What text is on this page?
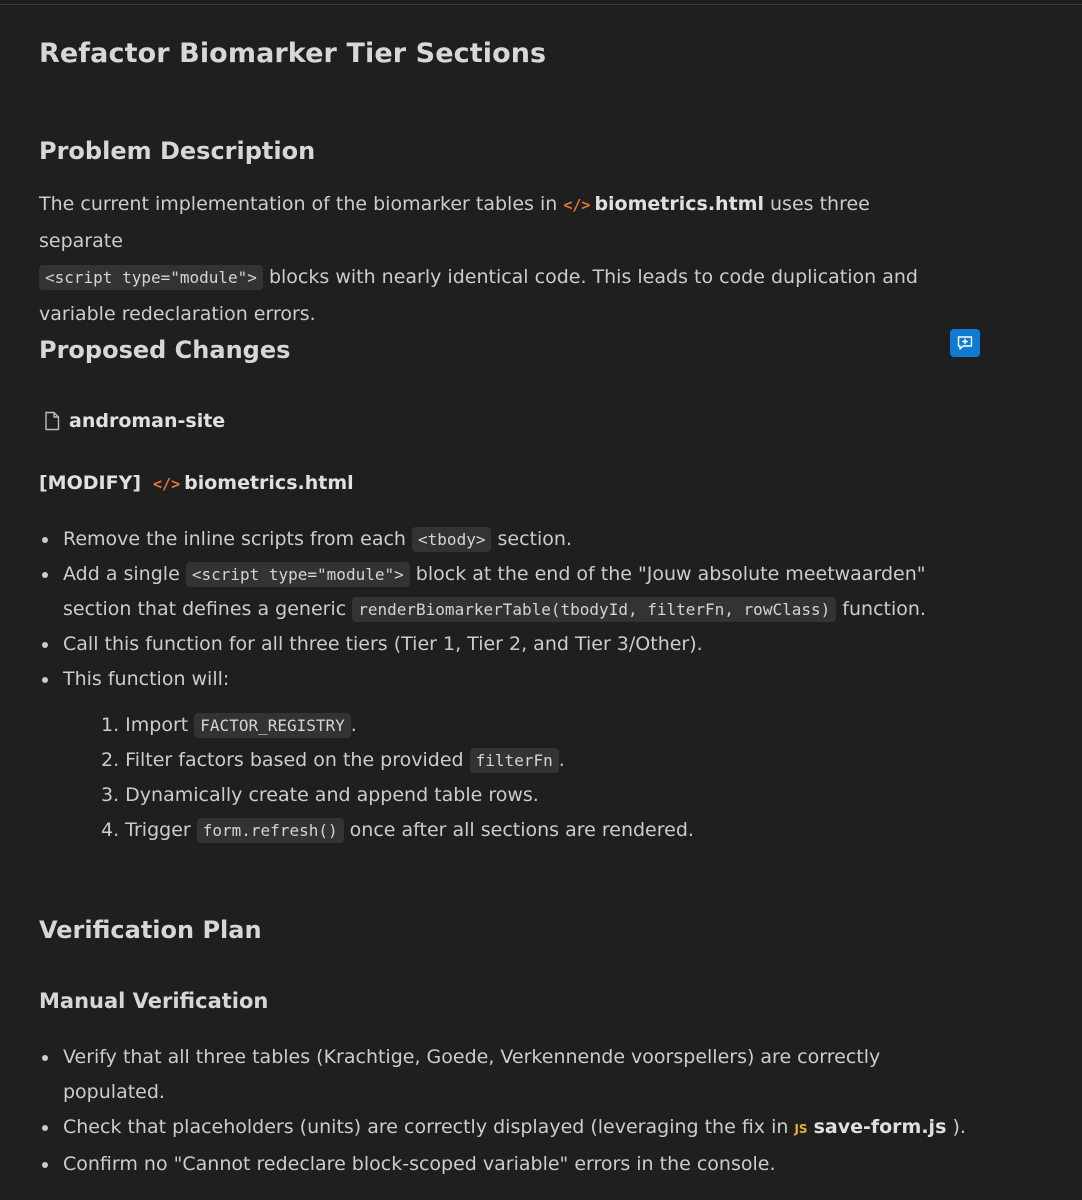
Refactor Biomarker Tier Sections
Problem Description

The current implementation of the biomarker tables in </> biometrics.html uses three separate
<script type="module"> blocks with nearly identical code. This leads to code duplication and variable redeclaration errors.

Proposed Changes
androman-site
[MODIFY] </> biometrics.html
Remove the inline scripts from each <tbody> section.
Add a single <script type="module"> block at the end of the "Jouw absolute meetwaarden" section that defines a generic renderBiomarkerTable(tbodyId, filterFn, rowClass) function.
Call this function for all three tiers (Tier 1, Tier 2, and Tier 3/Other).
This function will:
1. Import FACTOR_REGISTRY .
2. Filter factors based on the provided filterFn .
3. Dynamically create and append table rows.
4. Trigger form.refresh() once after all sections are rendered.
Verification Plan
Manual Verification
Verify that all three tables (Krachtige, Goede, Verkennende voorspellers) are correctly populated.
Check that placeholders (units) are correctly displayed (leveraging the fix in JS save-form.js ).
Confirm no "Cannot redeclare block-scoped variable" errors in the console.
